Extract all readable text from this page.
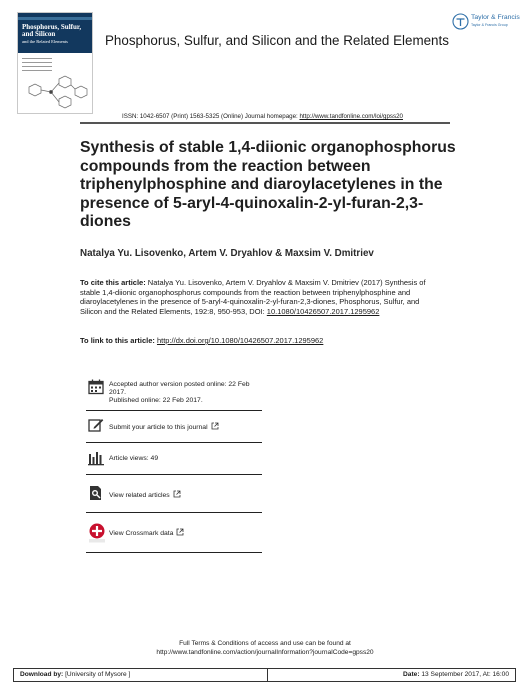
Phosphorus, Sulfur, and Silicon
and the Related Elements	Phosphorus, Sulfur, and Silicon and the Related Elements
Taylor & Francis
Taylor & Francis Group
ISSN: 1042-6507 (Print) 1563-5325 (Online) Journal homepage: http://www.tandfonline.com/loi/gpss20
Synthesis of stable 1,4-diionic organophosphorus compounds from the reaction between triphenylphosphine and diaroylacetylenes in the presence of 5-aryl-4-quinoxalin-2-yl-furan-2,3-diones
Natalya Yu. Lisovenko, Artem V. Dryahlov & Maxsim V. Dmitriev
To cite this article: Natalya Yu. Lisovenko, Artem V. Dryahlov & Maxsim V. Dmitriev (2017) Synthesis of stable 1,4-diionic organophosphorus compounds from the reaction between triphenylphosphine and diaroylacetylenes in the presence of 5-aryl-4-quinoxalin-2-yl-furan-2,3-diones, Phosphorus, Sulfur, and Silicon and the Related Elements, 192:8, 950-953, DOI: 10.1080/10426507.2017.1295962
To link to this article: http://dx.doi.org/10.1080/10426507.2017.1295962
Accepted author version posted online: 22 Feb 2017.
Published online: 22 Feb 2017.
Submit your article to this journal
Article views: 49
View related articles
View Crossmark data
Full Terms & Conditions of access and use can be found at
http://www.tandfonline.com/action/journalInformation?journalCode=gpss20
Download by: [University of Mysore ]	Date: 13 September 2017, At: 16:00
